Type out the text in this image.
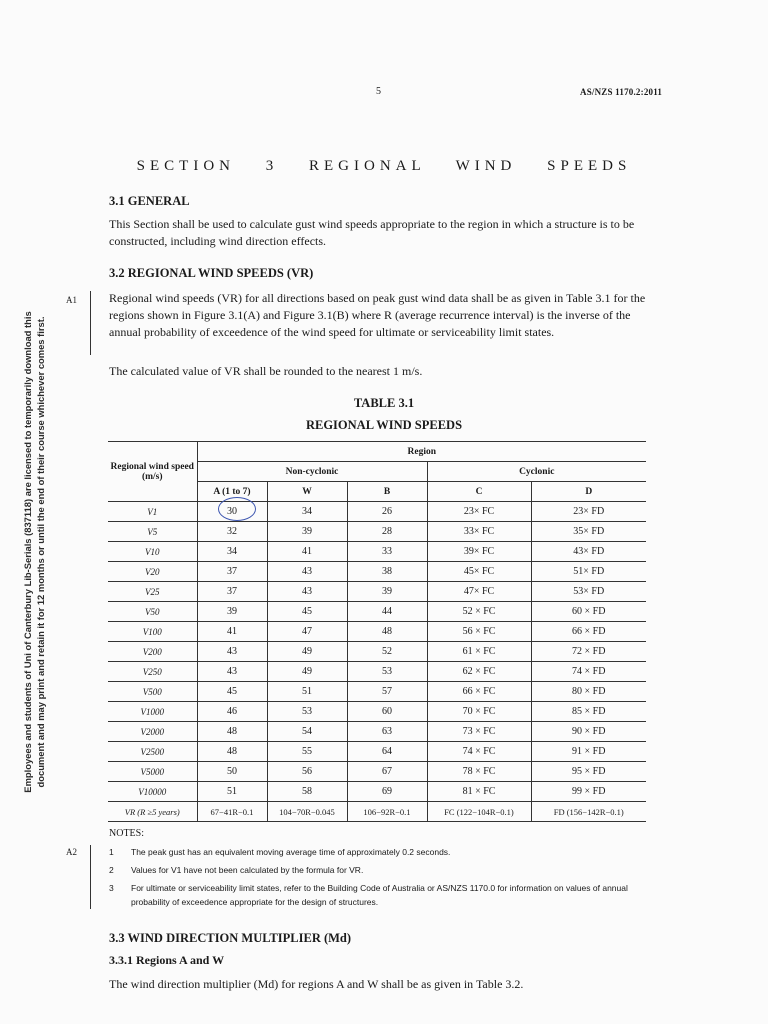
5	AS/NZS 1170.2:2011
Employees and students of Uni of Canterbury Lib-Serials (837118) are licensed to temporarily download this document and may print and retain it for 12 months or until the end of their course whichever comes first.
SECTION 3 REGIONAL WIND SPEEDS
3.1 GENERAL

This Section shall be used to calculate gust wind speeds appropriate to the region in which a structure is to be constructed, including wind direction effects.

3.2 REGIONAL WIND SPEEDS (VR)
A1	Regional wind speeds (VR) for all directions based on peak gust wind data shall be as given in Table 3.1 for the regions shown in Figure 3.1(A) and Figure 3.1(B) where R (average recurrence interval) is the inverse of the annual probability of exceedence of the wind speed for ultimate or serviceability limit states.

The calculated value of VR shall be rounded to the nearest 1 m/s.

TABLE 3.1
REGIONAL WIND SPEEDS
Regional wind speed (m/s)	Region				
	Non-cyclonic			Cyclonic	
	A (1 to 7)	W	B	C	D
V1	30	34	26	23× FC	23× FD
V5	32	39	28	33× FC	35× FD
V10	34	41	33	39× FC	43× FD
V20	37	43	38	45× FC	51× FD
V25	37	43	39	47× FC	53× FD
V50	39	45	44	52 × FC	60 × FD
V100	41	47	48	56 × FC	66 × FD
V200	43	49	52	61 × FC	72 × FD
V250	43	49	53	62 × FC	74 × FD
V500	45	51	57	66 × FC	80 × FD
V1000	46	53	60	70 × FC	85 × FD
V2000	48	54	63	73 × FC	90 × FD
V2500	48	55	64	74 × FC	91 × FD
V5000	50	56	67	78 × FC	95 × FD
V10000	51	58	69	81 × FC	99 × FD
VR (R ≥5 years)	67−41R−0.1	104−70R−0.045	106−92R−0.1	FC (122−104R−0.1)	FD (156−142R−0.1)
NOTES:
A2	1	The peak gust has an equivalent moving average time of approximately 0.2 seconds.
2	Values for V1 have not been calculated by the formula for VR.
3	For ultimate or serviceability limit states, refer to the Building Code of Australia or AS/NZS 1170.0 for information on values of annual probability of exceedence appropriate for the design of structures.
3.3 WIND DIRECTION MULTIPLIER (Md)
3.3.1 Regions A and W

The wind direction multiplier (Md) for regions A and W shall be as given in Table 3.2.
